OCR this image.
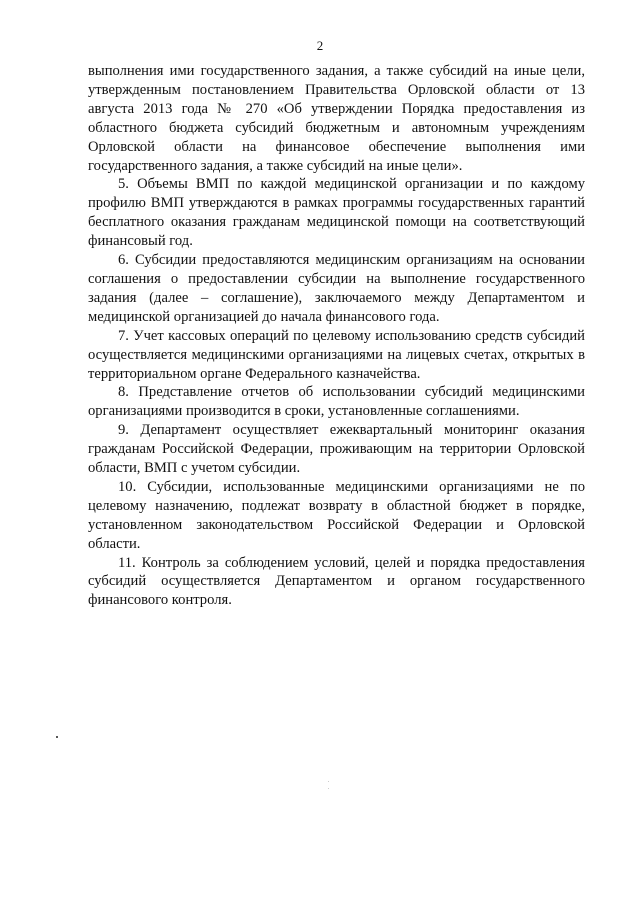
2

выполнения ими государственного задания, а также субсидий на иные цели, утвержденным постановлением Правительства Орловской области от 13 августа 2013 года № 270 «Об утверждении Порядка предоставления из областного бюджета субсидий бюджетным и автономным учреждениям Орловской области на финансовое обеспечение выполнения ими государственного задания, а также субсидий на иные цели».

5. Объемы ВМП по каждой медицинской организации и по каждому профилю ВМП утверждаются в рамках программы государственных гарантий бесплатного оказания гражданам медицинской помощи на соответствующий финансовый год.

6. Субсидии предоставляются медицинским организациям на основании соглашения о предоставлении субсидии на выполнение государственного задания (далее – соглашение), заключаемого между Департаментом и медицинской организацией до начала финансового года.

7. Учет кассовых операций по целевому использованию средств субсидий осуществляется медицинскими организациями на лицевых счетах, открытых в территориальном органе Федерального казначейства.

8. Представление отчетов об использовании субсидий медицинскими организациями производится в сроки, установленные соглашениями.

9. Департамент осуществляет ежеквартальный мониторинг оказания гражданам Российской Федерации, проживающим на территории Орловской области, ВМП с учетом субсидии.

10. Субсидии, использованные медицинскими организациями не по целевому назначению, подлежат возврату в областной бюджет в порядке, установленном законодательством Российской Федерации и Орловской области.

11. Контроль за соблюдением условий, целей и порядка предоставления субсидий осуществляется Департаментом и органом государственного финансового контроля.
